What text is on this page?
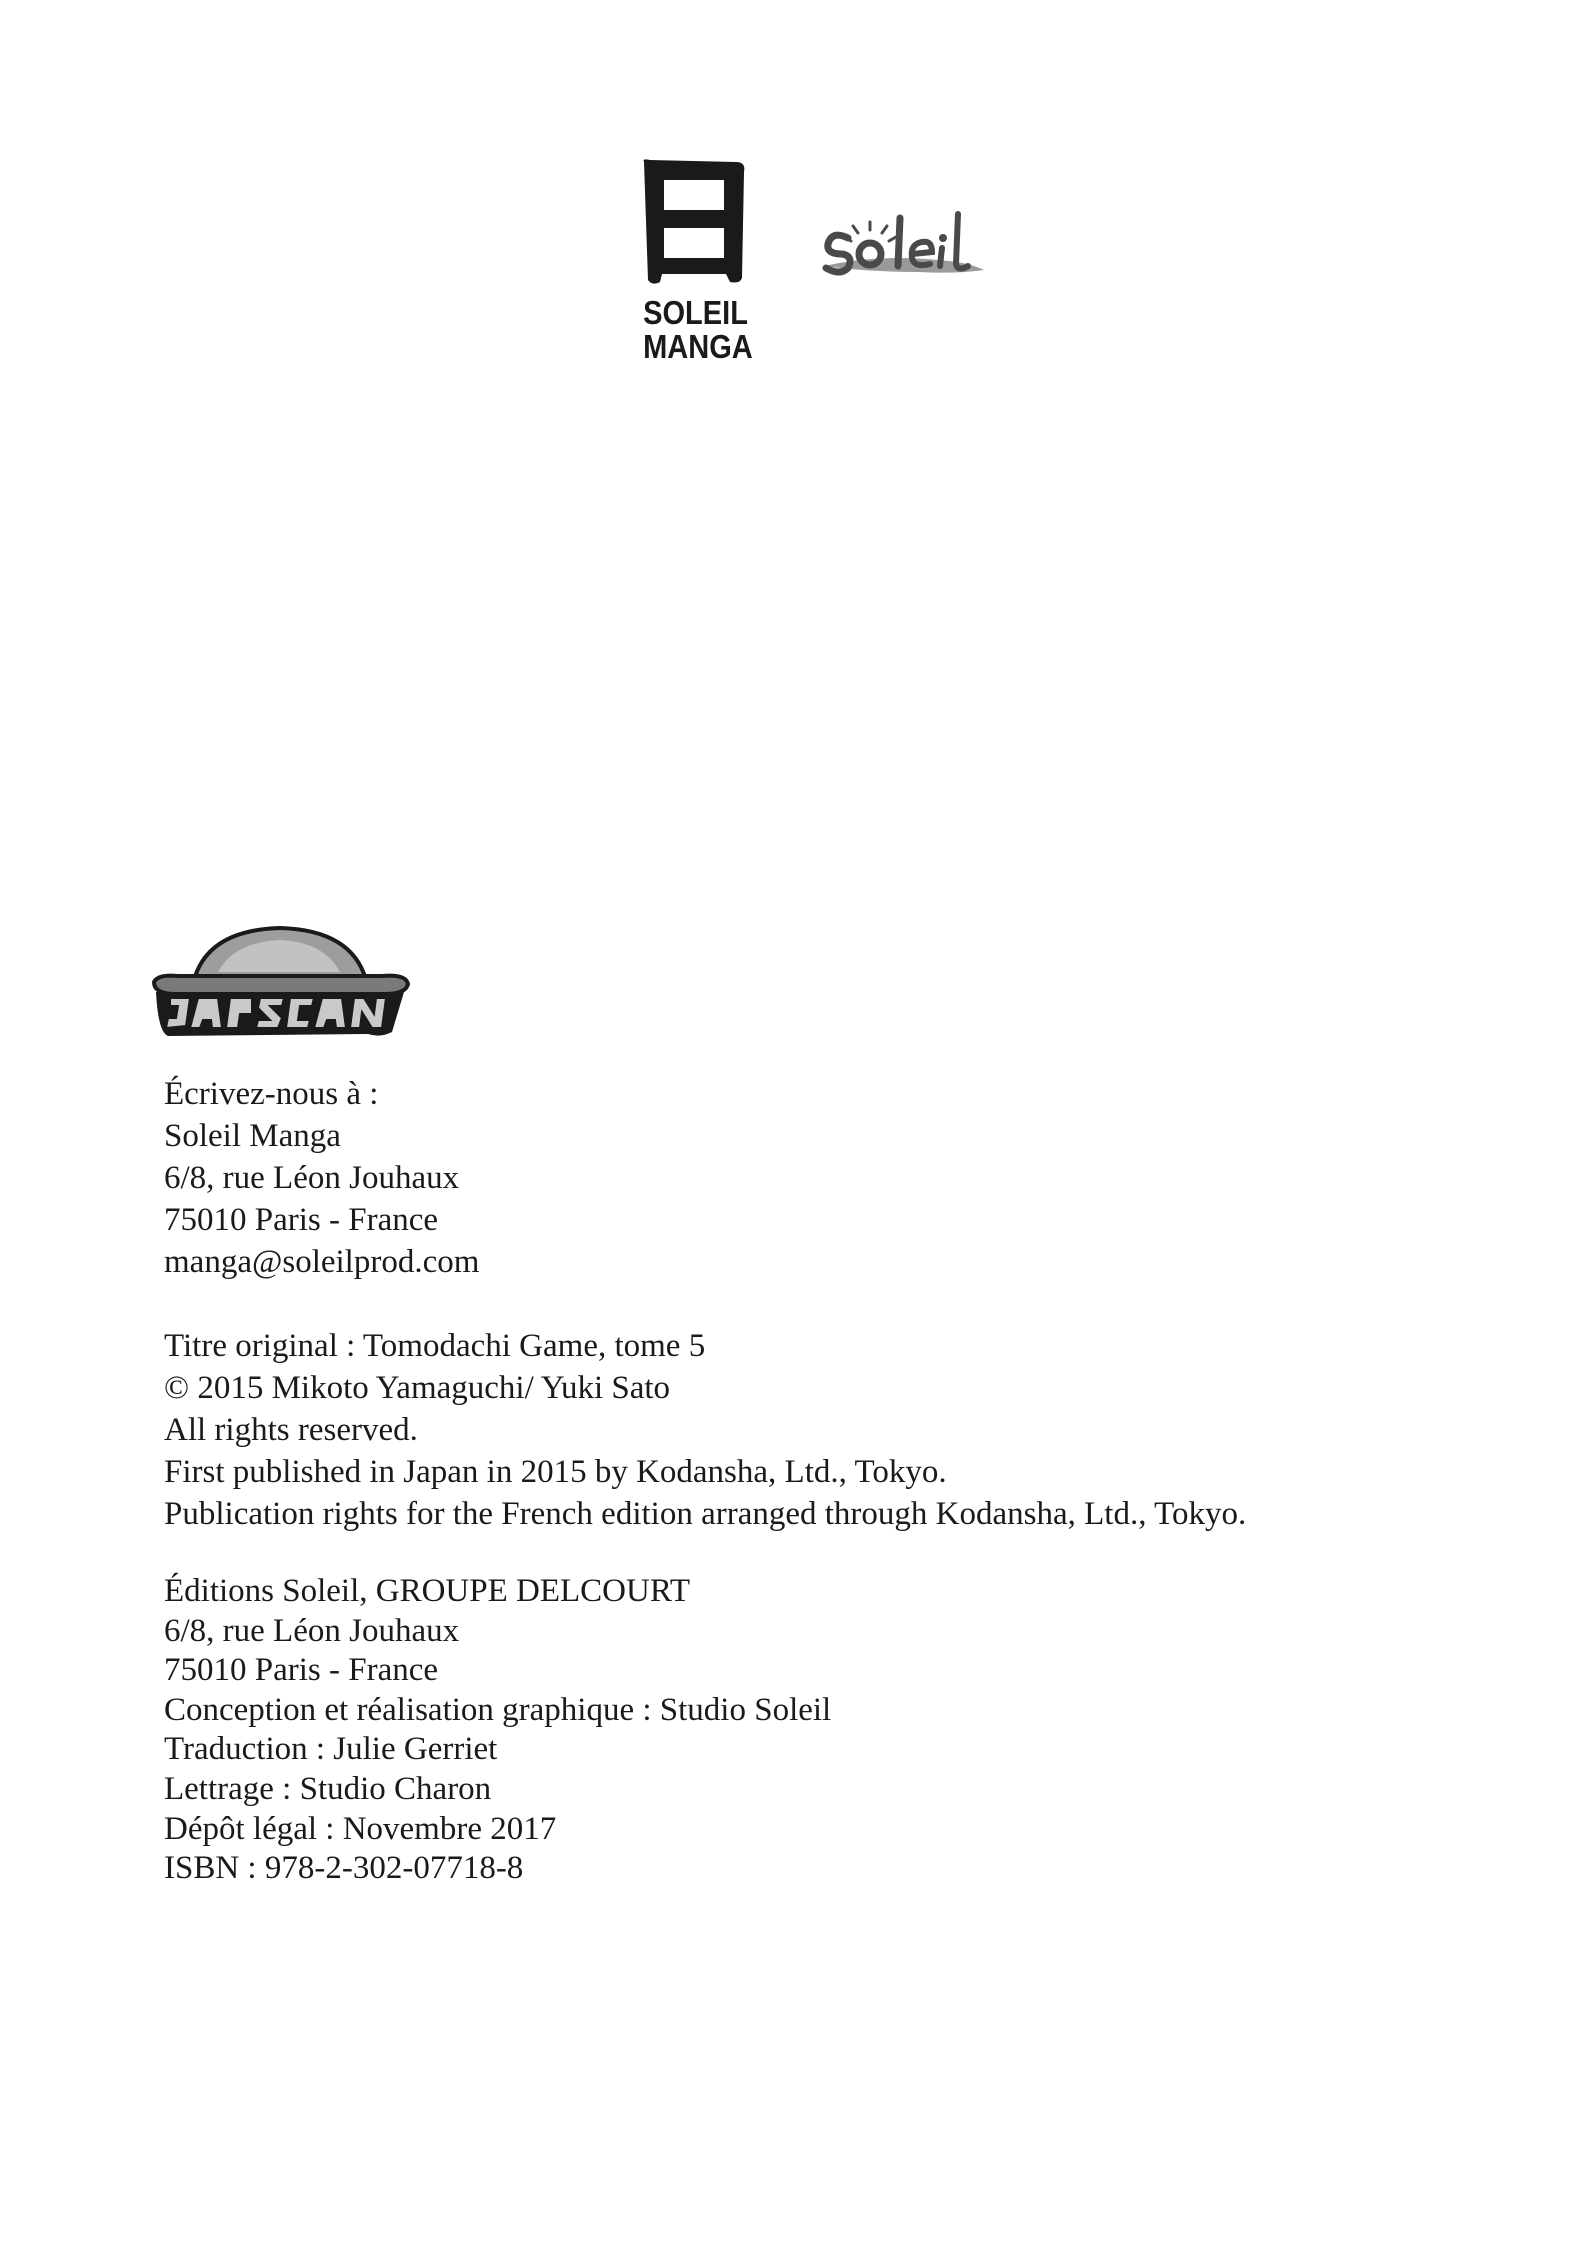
SOLEIL
MANGA
Écrivez-nous à :
Soleil Manga
6/8, rue Léon Jouhaux
75010 Paris - France
manga@soleilprod.com
Titre original : Tomodachi Game, tome 5
© 2015 Mikoto Yamaguchi/ Yuki Sato
All rights reserved.
First published in Japan in 2015 by Kodansha, Ltd., Tokyo.
Publication rights for the French edition arranged through Kodansha, Ltd., Tokyo.
Éditions Soleil, GROUPE DELCOURT
6/8, rue Léon Jouhaux
75010 Paris - France
Conception et réalisation graphique : Studio Soleil
Traduction : Julie Gerriet
Lettrage : Studio Charon
Dépôt légal : Novembre 2017
ISBN : 978-2-302-07718-8
